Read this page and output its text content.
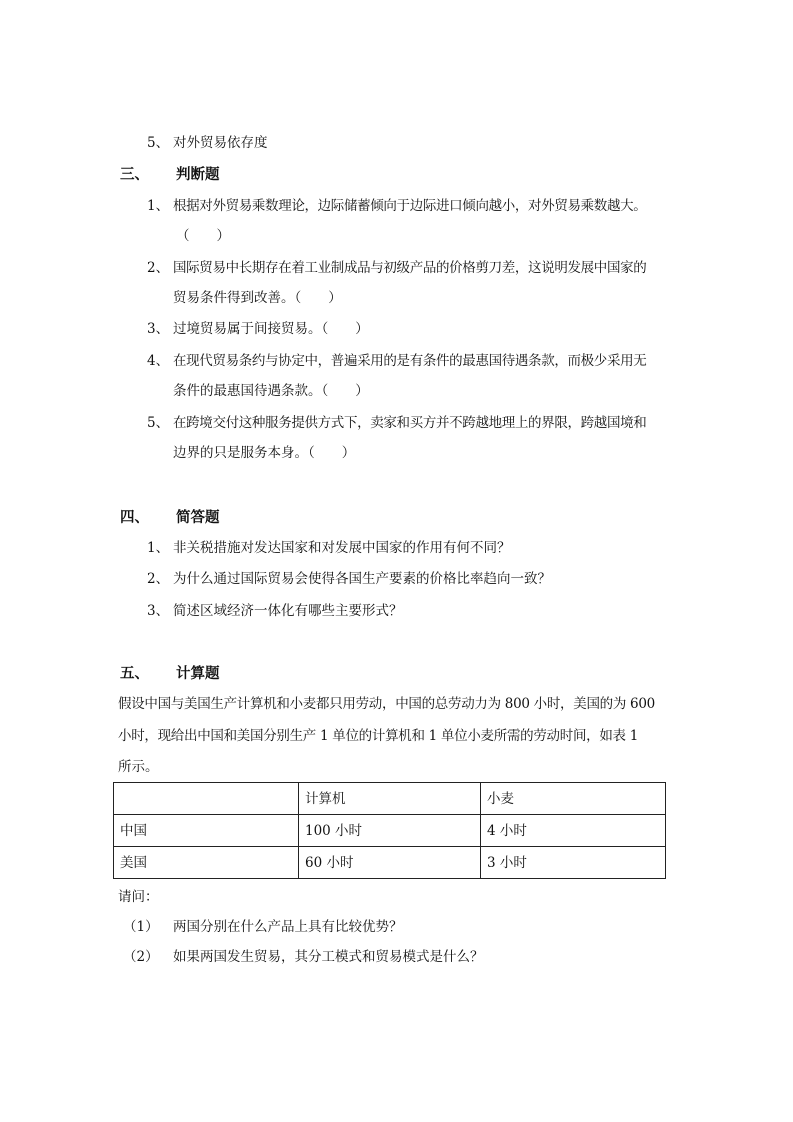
5、 对外贸易依存度
三、 判断题
1、 根据对外贸易乘数理论，边际储蓄倾向于边际进口倾向越小，对外贸易乘数越大。
（　　）
2、 国际贸易中长期存在着工业制成品与初级产品的价格剪刀差，这说明发展中国家的
贸易条件得到改善。（　　）
3、 过境贸易属于间接贸易。（　　）
4、 在现代贸易条约与协定中，普遍采用的是有条件的最惠国待遇条款，而极少采用无
条件的最惠国待遇条款。（　　）
5、 在跨境交付这种服务提供方式下，卖家和买方并不跨越地理上的界限，跨越国境和
边界的只是服务本身。（　　）
四、 简答题
1、 非关税措施对发达国家和对发展中国家的作用有何不同？
2、 为什么通过国际贸易会使得各国生产要素的价格比率趋向一致？
3、 简述区域经济一体化有哪些主要形式？
五、 计算题
假设中国与美国生产计算机和小麦都只用劳动，中国的总劳动力为 800 小时，美国的为 600
小时，现给出中国和美国分别生产 1 单位的计算机和 1 单位小麦所需的劳动时间，如表 1
所示。
	计算机	小麦
中国	100 小时	4 小时
美国	60 小时	3 小时
请问：
（1） 两国分别在什么产品上具有比较优势？
（2） 如果两国发生贸易，其分工模式和贸易模式是什么？
